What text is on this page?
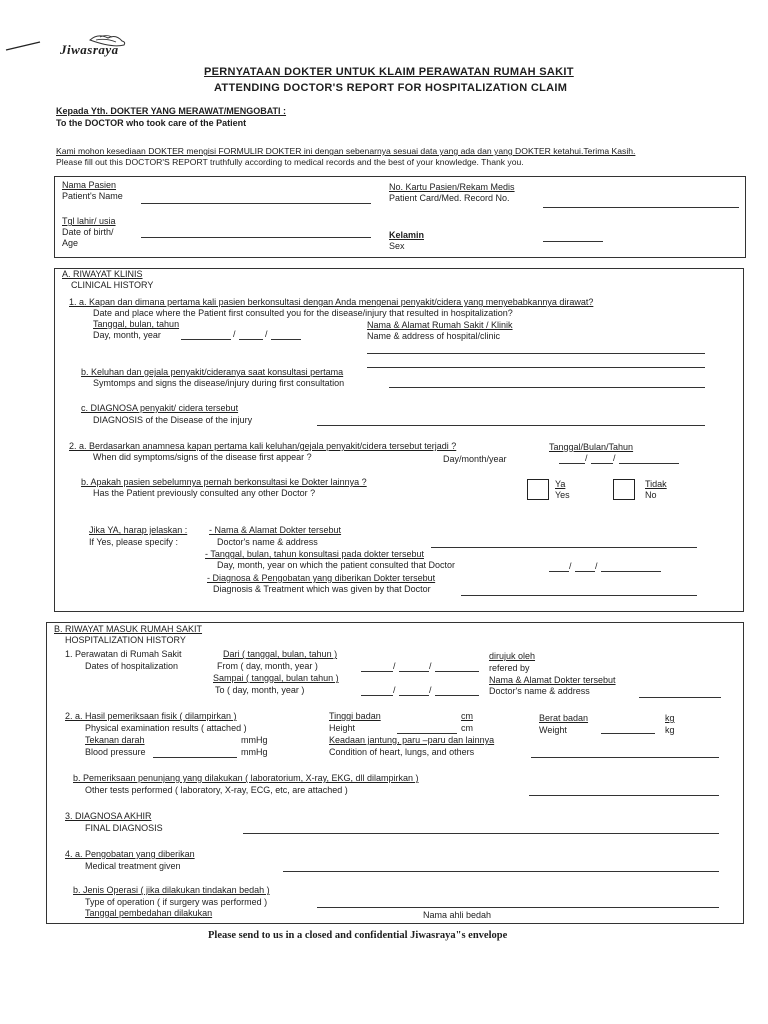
Jiwasraya
PERNYATAAN DOKTER UNTUK KLAIM PERAWATAN RUMAH SAKIT
ATTENDING DOCTOR'S REPORT FOR HOSPITALIZATION CLAIM
Kepada Yth. DOKTER YANG MERAWAT/MENGOBATI :
To the DOCTOR who took care of the Patient
Kami mohon kesediaan DOKTER mengisi FORMULIR DOKTER ini dengan sebenarnya sesuai data yang ada dan yang DOKTER ketahui.Terima Kasih.
Please fill out this DOCTOR'S REPORT truthfully according to medical records and the best of your knowledge. Thank you.
Nama Pasien
Patient's Name
No. Kartu Pasien/Rekam Medis
Patient Card/Med. Record No.
Tgl lahir/ usia
Date of birth/
Age
Kelamin
Sex
A. RIWAYAT KLINIS
CLINICAL HISTORY
1. a. Kapan dan dimana pertama kali pasien berkonsultasi dengan Anda mengenai penyakit/cidera yang menyebabkannya dirawat?
Date and place where the Patient first consulted you for the disease/injury that resulted in hospitalization?
Tanggal, bulan, tahun
Day, month, year	/	/
Nama & Alamat Rumah Sakit / Klinik
Name & address of hospital/clinic
b. Keluhan dan gejala penyakit/cideranya saat konsultasi pertama
Symtomps and signs the disease/injury during first consultation
c. DIAGNOSA penyakit/ cidera tersebut
DIAGNOSIS of the Disease of the injury
2. a. Berdasarkan anamnesa kapan pertama kali keluhan/gejala penyakit/cidera tersebut terjadi ?
When did symptoms/signs of the disease first appear ?	Day/month/year
Tanggal/Bulan/Tahun
/	/
b. Apakah pasien sebelumnya pernah berkonsultasi ke Dokter lainnya ?
Has the Patient previously consulted any other Doctor ?
Ya
Yes
Tidak
No
Jika YA, harap jelaskan :
If Yes, please specify :
- Nama & Alamat Dokter tersebut
Doctor's name & address
- Tanggal, bulan, tahun konsultasi pada dokter tersebut
Day, month, year on which the patient consulted that Doctor	/	/
- Diagnosa & Pengobatan yang diberikan Dokter tersebut
Diagnosis & Treatment which was given by that Doctor
B. RIWAYAT MASUK RUMAH SAKIT
HOSPITALIZATION HISTORY
1. Perawatan di Rumah Sakit
Dates of hospitalization
Dari ( tanggal, bulan, tahun )
From ( day, month, year )	/	/
Sampai ( tanggal, bulan tahun )
To ( day, month, year )	/	/
dirujuk oleh
refered by
Nama & Alamat Dokter tersebut
Doctor's name & address
2. a. Hasil pemeriksaan fisik ( dilampirkan )
Physical examination results ( attached )
Tekanan darah
Blood pressure
mmHg
mmHg
Tinggi badan
Height
cm
cm
Keadaan jantung, paru –paru dan lainnya
Condition of heart, lungs, and others
Berat badan
Weight
kg
kg
b. Pemeriksaan penunjang yang dilakukan ( laboratorium, X-ray, EKG, dll dilampirkan )
Other tests performed ( laboratory, X-ray, ECG, etc, are attached )
3. DIAGNOSA AKHIR
FINAL DIAGNOSIS
4. a. Pengobatan yang diberikan
Medical treatment given
b. Jenis Operasi ( jika dilakukan tindakan bedah )
Type of operation ( if surgery was performed )
Tanggal pembedahan dilakukan	Nama ahli bedah
Please send to us in a closed and confidential Jiwasraya"s envelope
